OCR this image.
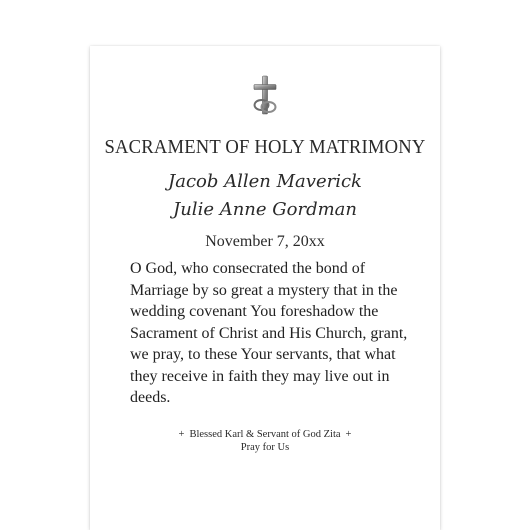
SACRAMENT OF HOLY MATRIMONY
Jacob Allen Maverick
Julie Anne Gordman
November 7, 20xx
O God, who consecrated the bond of Marriage by so great a mystery that in the wedding covenant You foreshadow the Sacrament of Christ and His Church, grant, we pray, to these Your servants, that what they receive in faith they may live out in deeds.
+ Blessed Karl & Servant of God Zita +
Pray for Us
